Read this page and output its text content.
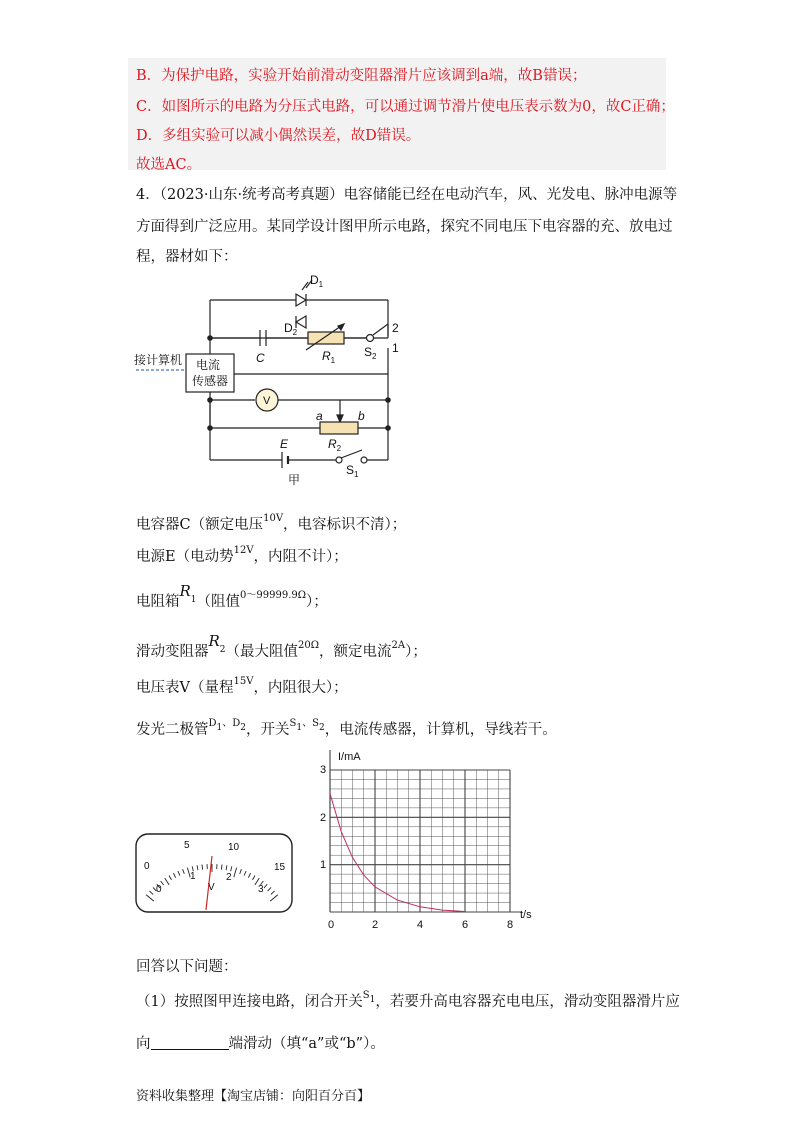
B．为保护电路，实验开始前滑动变阻器滑片应该调到a端，故B错误；
C．如图所示的电路为分压式电路，可以通过调节滑片使电压表示数为0，故C正确；
D．多组实验可以减小偶然误差，故D错误。
故选AC。
4．（2023·山东·统考高考真题）电容储能已经在电动汽车，风、光发电、脉冲电源等
方面得到广泛应用。某同学设计图甲所示电路，探究不同电压下电容器的充、放电过
程，器材如下：
$D_1$
$D_2$
C	$R_1$
$S_2$
2
1
接计算机 电流
传感器
V
a	b
$R_2$
E
$S_1$
甲
电容器C（额定电压$^{10V}$，电容标识不清）；
电源E（电动势$^{12V}$，内阻不计）；
电阻箱$R^1$（阻值$^{0\sim 99999.9\Omega}$）；
滑动变阻器$R^2$（最大阻值$^{20\Omega}$，额定电流$^{2A}$）；
电压表V（量程$^{15V}$，内阻很大）；
发光二极管$^{D1、D2}$，开关$^{S1、S2}$，电流传感器，计算机，导线若干。
0
5	10
15
0
1	2
3
V
I/mA
t/s
3
2
1
0	2	4	6	8
回答以下问题：
（1）按照图甲连接电路，闭合开关$^{S1}$，若要升高电容器充电电压，滑动变阻器滑片应
向	端滑动（填“a”或“b”）。
资料收集整理【淘宝店铺：向阳百分百】
